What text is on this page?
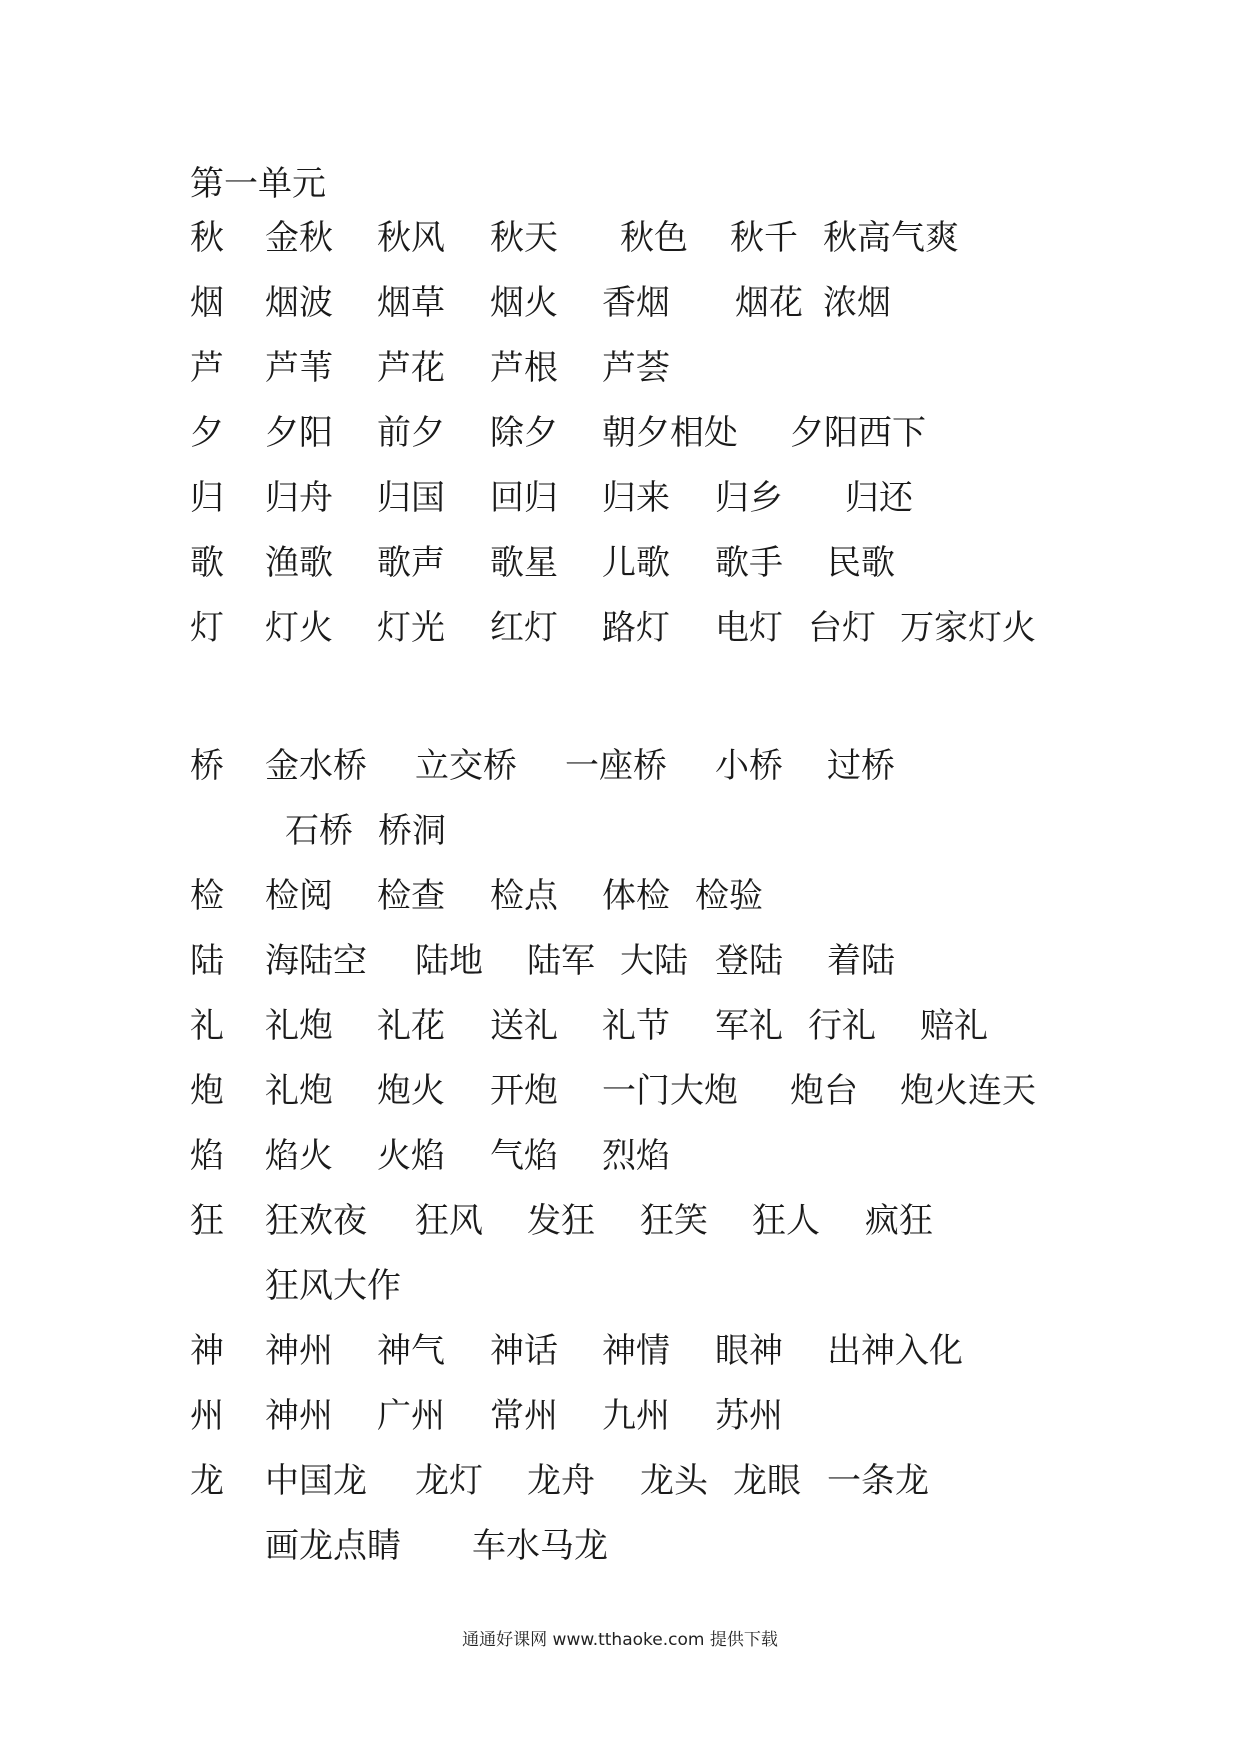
第一单元
秋 金秋 秋风 秋天 秋色 秋千 秋高气爽
烟 烟波 烟草 烟火 香烟 烟花 浓烟
芦 芦苇 芦花 芦根 芦荟
夕 夕阳 前夕 除夕 朝夕相处 夕阳西下
归 归舟 归国 回归 归来 归乡 归还
歌 渔歌 歌声 歌星 儿歌 歌手 民歌
灯 灯火 灯光 红灯 路灯 电灯 台灯 万家灯火
桥 金水桥 立交桥 一座桥 小桥 过桥
石桥 桥洞
检 检阅 检查 检点 体检 检验
陆 海陆空 陆地 陆军 大陆 登陆 着陆
礼 礼炮 礼花 送礼 礼节 军礼 行礼 赔礼
炮 礼炮 炮火 开炮 一门大炮 炮台 炮火连天
焰 焰火 火焰 气焰 烈焰
狂 狂欢夜 狂风 发狂 狂笑 狂人 疯狂
狂风大作
神 神州 神气 神话 神情 眼神 出神入化
州 神州 广州 常州 九州 苏州
龙 中国龙 龙灯 龙舟 龙头 龙眼 一条龙
画龙点睛 车水马龙
通通好课网 www.tthaoke.com 提供下载
